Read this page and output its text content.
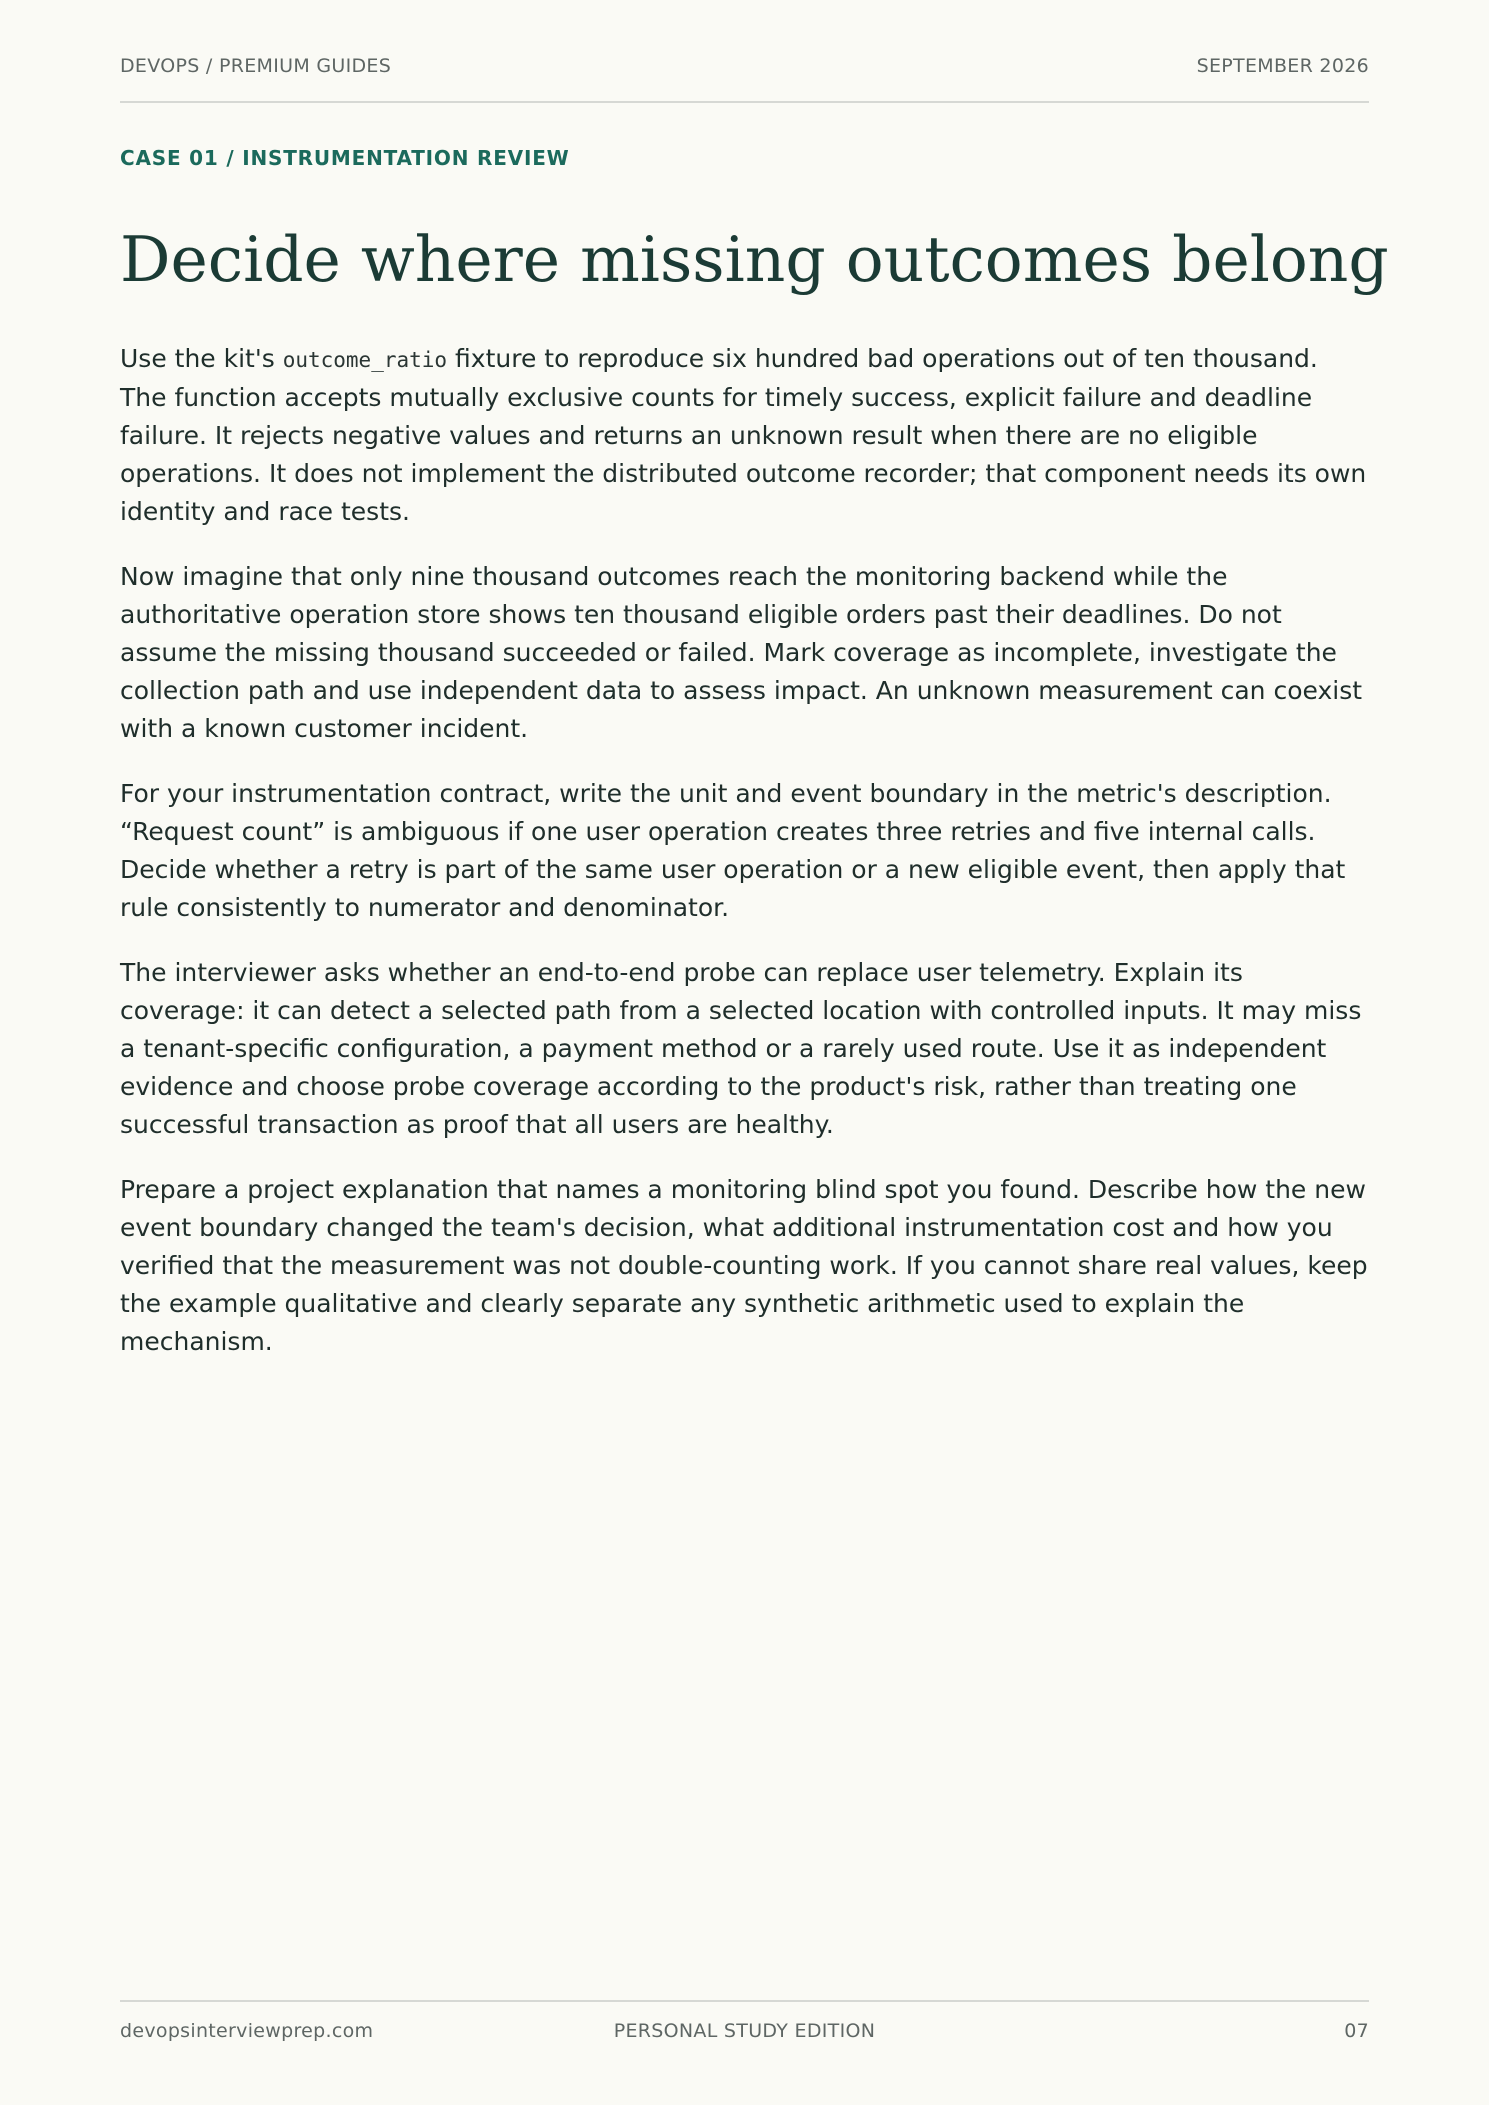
DEVOPS / PREMIUM GUIDES	SEPTEMBER 2026
CASE 01 / INSTRUMENTATION REVIEW
Decide where missing outcomes belong

Use the kit's outcome_ratio fixture to reproduce six hundred bad operations out of ten thousand. The function accepts mutually exclusive counts for timely success, explicit failure and deadline failure. It rejects negative values and returns an unknown result when there are no eligible operations. It does not implement the distributed outcome recorder; that component needs its own identity and race tests.

Now imagine that only nine thousand outcomes reach the monitoring backend while the authoritative operation store shows ten thousand eligible orders past their deadlines. Do not assume the missing thousand succeeded or failed. Mark coverage as incomplete, investigate the collection path and use independent data to assess impact. An unknown measurement can coexist with a known customer incident.

For your instrumentation contract, write the unit and event boundary in the metric's description. “Request count” is ambiguous if one user operation creates three retries and five internal calls. Decide whether a retry is part of the same user operation or a new eligible event, then apply that rule consistently to numerator and denominator.

The interviewer asks whether an end-to-end probe can replace user telemetry. Explain its coverage: it can detect a selected path from a selected location with controlled inputs. It may miss a tenant-specific configuration, a payment method or a rarely used route. Use it as independent evidence and choose probe coverage according to the product's risk, rather than treating one successful transaction as proof that all users are healthy.

Prepare a project explanation that names a monitoring blind spot you found. Describe how the new event boundary changed the team's decision, what additional instrumentation cost and how you verified that the measurement was not double-counting work. If you cannot share real values, keep the example qualitative and clearly separate any synthetic arithmetic used to explain the mechanism.

devopsinterviewprep.com	PERSONAL STUDY EDITION	07
